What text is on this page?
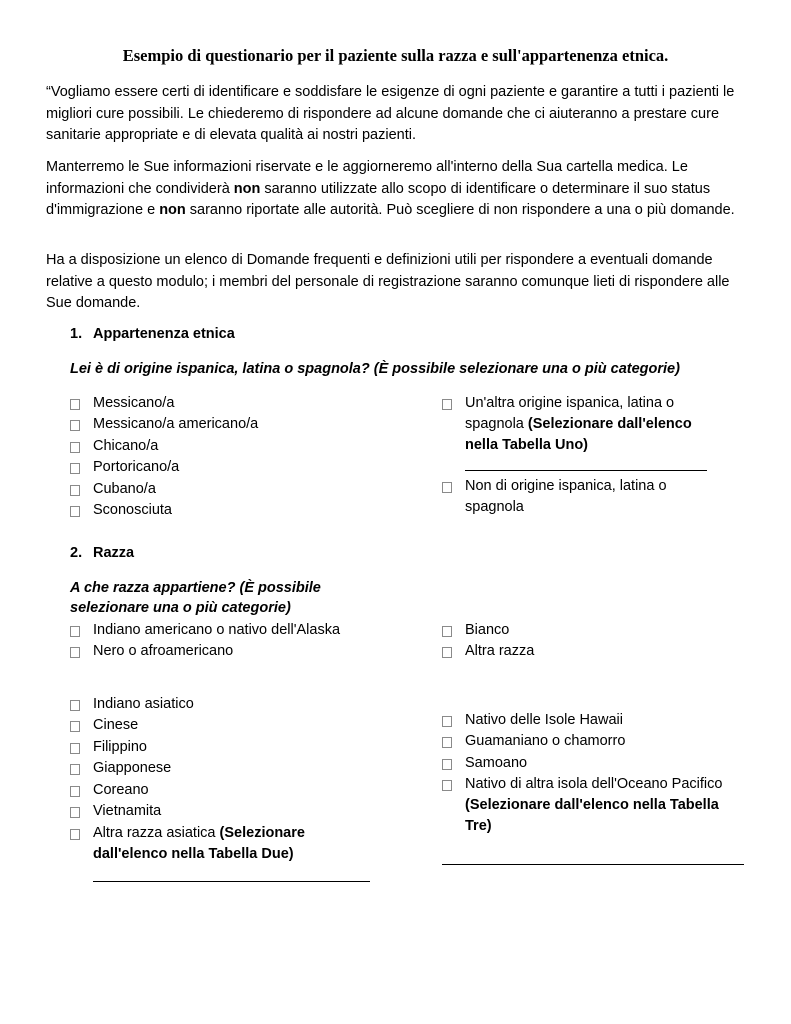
Esempio di questionario per il paziente sulla razza e sull'appartenenza etnica.

“Vogliamo essere certi di identificare e soddisfare le esigenze di ogni paziente e garantire a tutti i pazienti le migliori cure possibili. Le chiederemo di rispondere ad alcune domande che ci aiuteranno a prestare cure sanitarie appropriate e di elevata qualità ai nostri pazienti.

Manterremo le Sue informazioni riservate e le aggiorneremo all'interno della Sua cartella medica. Le informazioni che condividerà non saranno utilizzate allo scopo di identificare o determinare il suo status d'immigrazione e non saranno riportate alle autorità. Può scegliere di non rispondere a una o più domande.

Ha a disposizione un elenco di Domande frequenti e definizioni utili per rispondere a eventuali domande relative a questo modulo; i membri del personale di registrazione saranno comunque lieti di rispondere alle Sue domande.

1. Appartenenza etnica
Lei è di origine ispanica, latina o spagnola? (È possibile selezionare una o più categorie)
Messicano/a
Messicano/a americano/a
Chicano/a
Portoricano/a
Cubano/a
Sconosciuta
Un'altra origine ispanica, latina o
spagnola (Selezionare dall'elenco
nella Tabella Uno)
Non di origine ispanica, latina o
spagnola
2. Razza
A che razza appartiene? (È possibile
selezionare una o più categorie)
Indiano americano o nativo dell'Alaska
Nero o afroamericano
Bianco
Altra razza
Indiano asiatico
Cinese
Filippino
Giapponese
Coreano
Vietnamita
Altra razza asiatica (Selezionare
dall'elenco nella Tabella Due)
Nativo delle Isole Hawaii
Guamaniano o chamorro
Samoano
Nativo di altra isola dell'Oceano Pacifico
(Selezionare dall'elenco nella Tabella
Tre)
